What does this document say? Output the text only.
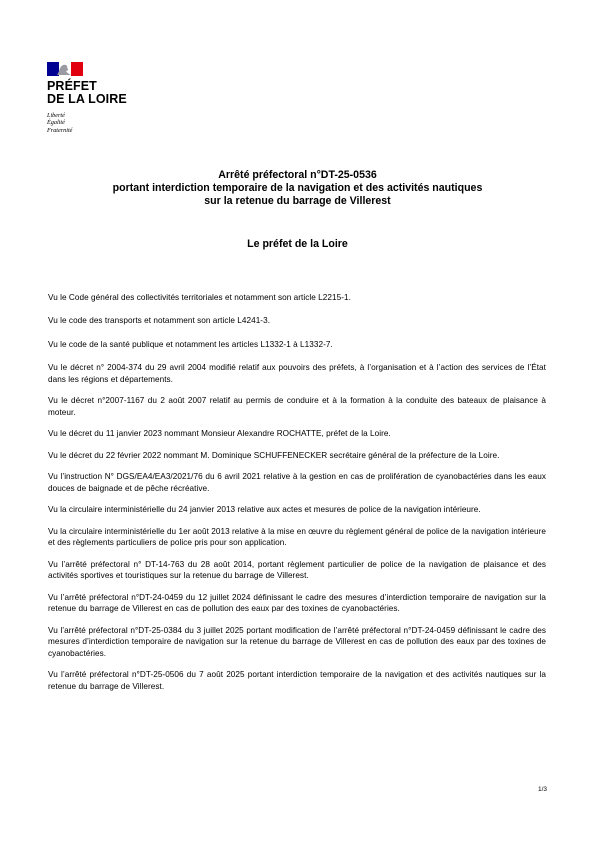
PRÉFET
DE LA LOIRE
Liberté
Égalité
Fraternité
Arrêté préfectoral n°DT-25-0536
portant interdiction temporaire de la navigation et des activités nautiques
sur la retenue du barrage de Villerest
Le préfet de la Loire

Vu le Code général des collectivités territoriales et notamment son article L2215-1.

Vu le code des transports et notamment son article L4241-3.

Vu le code de la santé publique et notamment les articles L1332-1 à L1332-7.

Vu le décret n° 2004-374 du 29 avril 2004 modifié relatif aux pouvoirs des préfets, à l’organisation et à l’action des services de l’État dans les régions et départements.

Vu le décret n°2007-1167 du 2 août 2007 relatif au permis de conduire et à la formation à la conduite des bateaux de plaisance à moteur.

Vu le décret du 11 janvier 2023 nommant Monsieur Alexandre ROCHATTE, préfet de la Loire.

Vu le décret du 22 février 2022 nommant M. Dominique SCHUFFENECKER secrétaire général de la préfecture de la Loire.

Vu l’instruction N° DGS/EA4/EA3/2021/76 du 6 avril 2021 relative à la gestion en cas de prolifération de cyanobactéries dans les eaux douces de baignade et de pêche récréative.

Vu la circulaire interministérielle du 24 janvier 2013 relative aux actes et mesures de police de la navigation intérieure.

Vu la circulaire interministérielle du 1er août 2013 relative à la mise en œuvre du règlement général de police de la navigation intérieure et des règlements particuliers de police pris pour son application.

Vu l’arrêté préfectoral n° DT-14-763 du 28 août 2014, portant règlement particulier de police de la navigation de plaisance et des activités sportives et touristiques sur la retenue du barrage de Villerest.

Vu l’arrêté préfectoral n°DT-24-0459 du 12 juillet 2024 définissant le cadre des mesures d’interdiction temporaire de navigation sur la retenue du barrage de Villerest en cas de pollution des eaux par des toxines de cyanobactéries.

Vu l’arrêté préfectoral n°DT-25-0384 du 3 juillet 2025 portant modification de l’arrêté préfectoral n°DT-24-0459 définissant le cadre des mesures d’interdiction temporaire de navigation sur la retenue du barrage de Villerest en cas de pollution des eaux par des toxines de cyanobactéries.

Vu l’arrêté préfectoral n°DT-25-0506 du 7 août 2025 portant interdiction temporaire de la navigation et des activités nautiques sur la retenue du barrage de Villerest.

1/3
